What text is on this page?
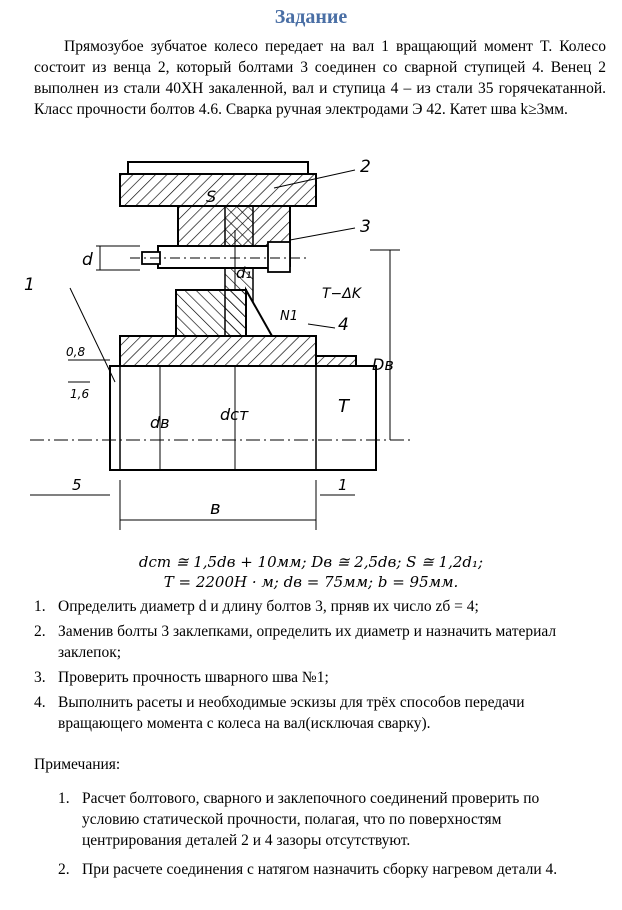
Задание

Прямозубое зубчатое колесо передает на вал 1 вращающий момент T. Колесо состоит из венца 2, который болтами 3 соединен со сварной ступицей 4. Венец 2 выполнен из стали 40ХН закаленной, вал и ступица 4 – из стали 35 горячекатанной. Класс прочности болтов 4.6. Сварка ручная электродами Э 42. Катет шва k≥3мм.

2
3
4
1
S
d
d₁
N1
T−ΔK
0,8
1,6
dв	dст
Dв
T
в
5	1
dст ≅ 1,5dв + 10мм; Dв ≅ 2,5dв; S ≅ 1,2d₁;
T = 2200Н · м; dв = 75мм; b = 95мм.
1. Определить диаметр d и длину болтов 3, пpняв их число zб = 4;
2. Заменив болты 3 заклепками, определить их диаметр и назначить материал заклепок;
3. Проверить прочность шварного шва №1;
4. Выполнить расеты и необходимые эскизы для трёх способов передачи вращающего момента с колеса на вал(исключая сварку).
Примечания:
1. Расчет болтового, сварного и заклепочного соединений проверить по условию статической прочности, полагая, что по поверхностям центрирования деталей 2 и 4 зазоры отсутствуют.
2. При расчете соединения с натягом назначить сборку нагревом детали 4.
